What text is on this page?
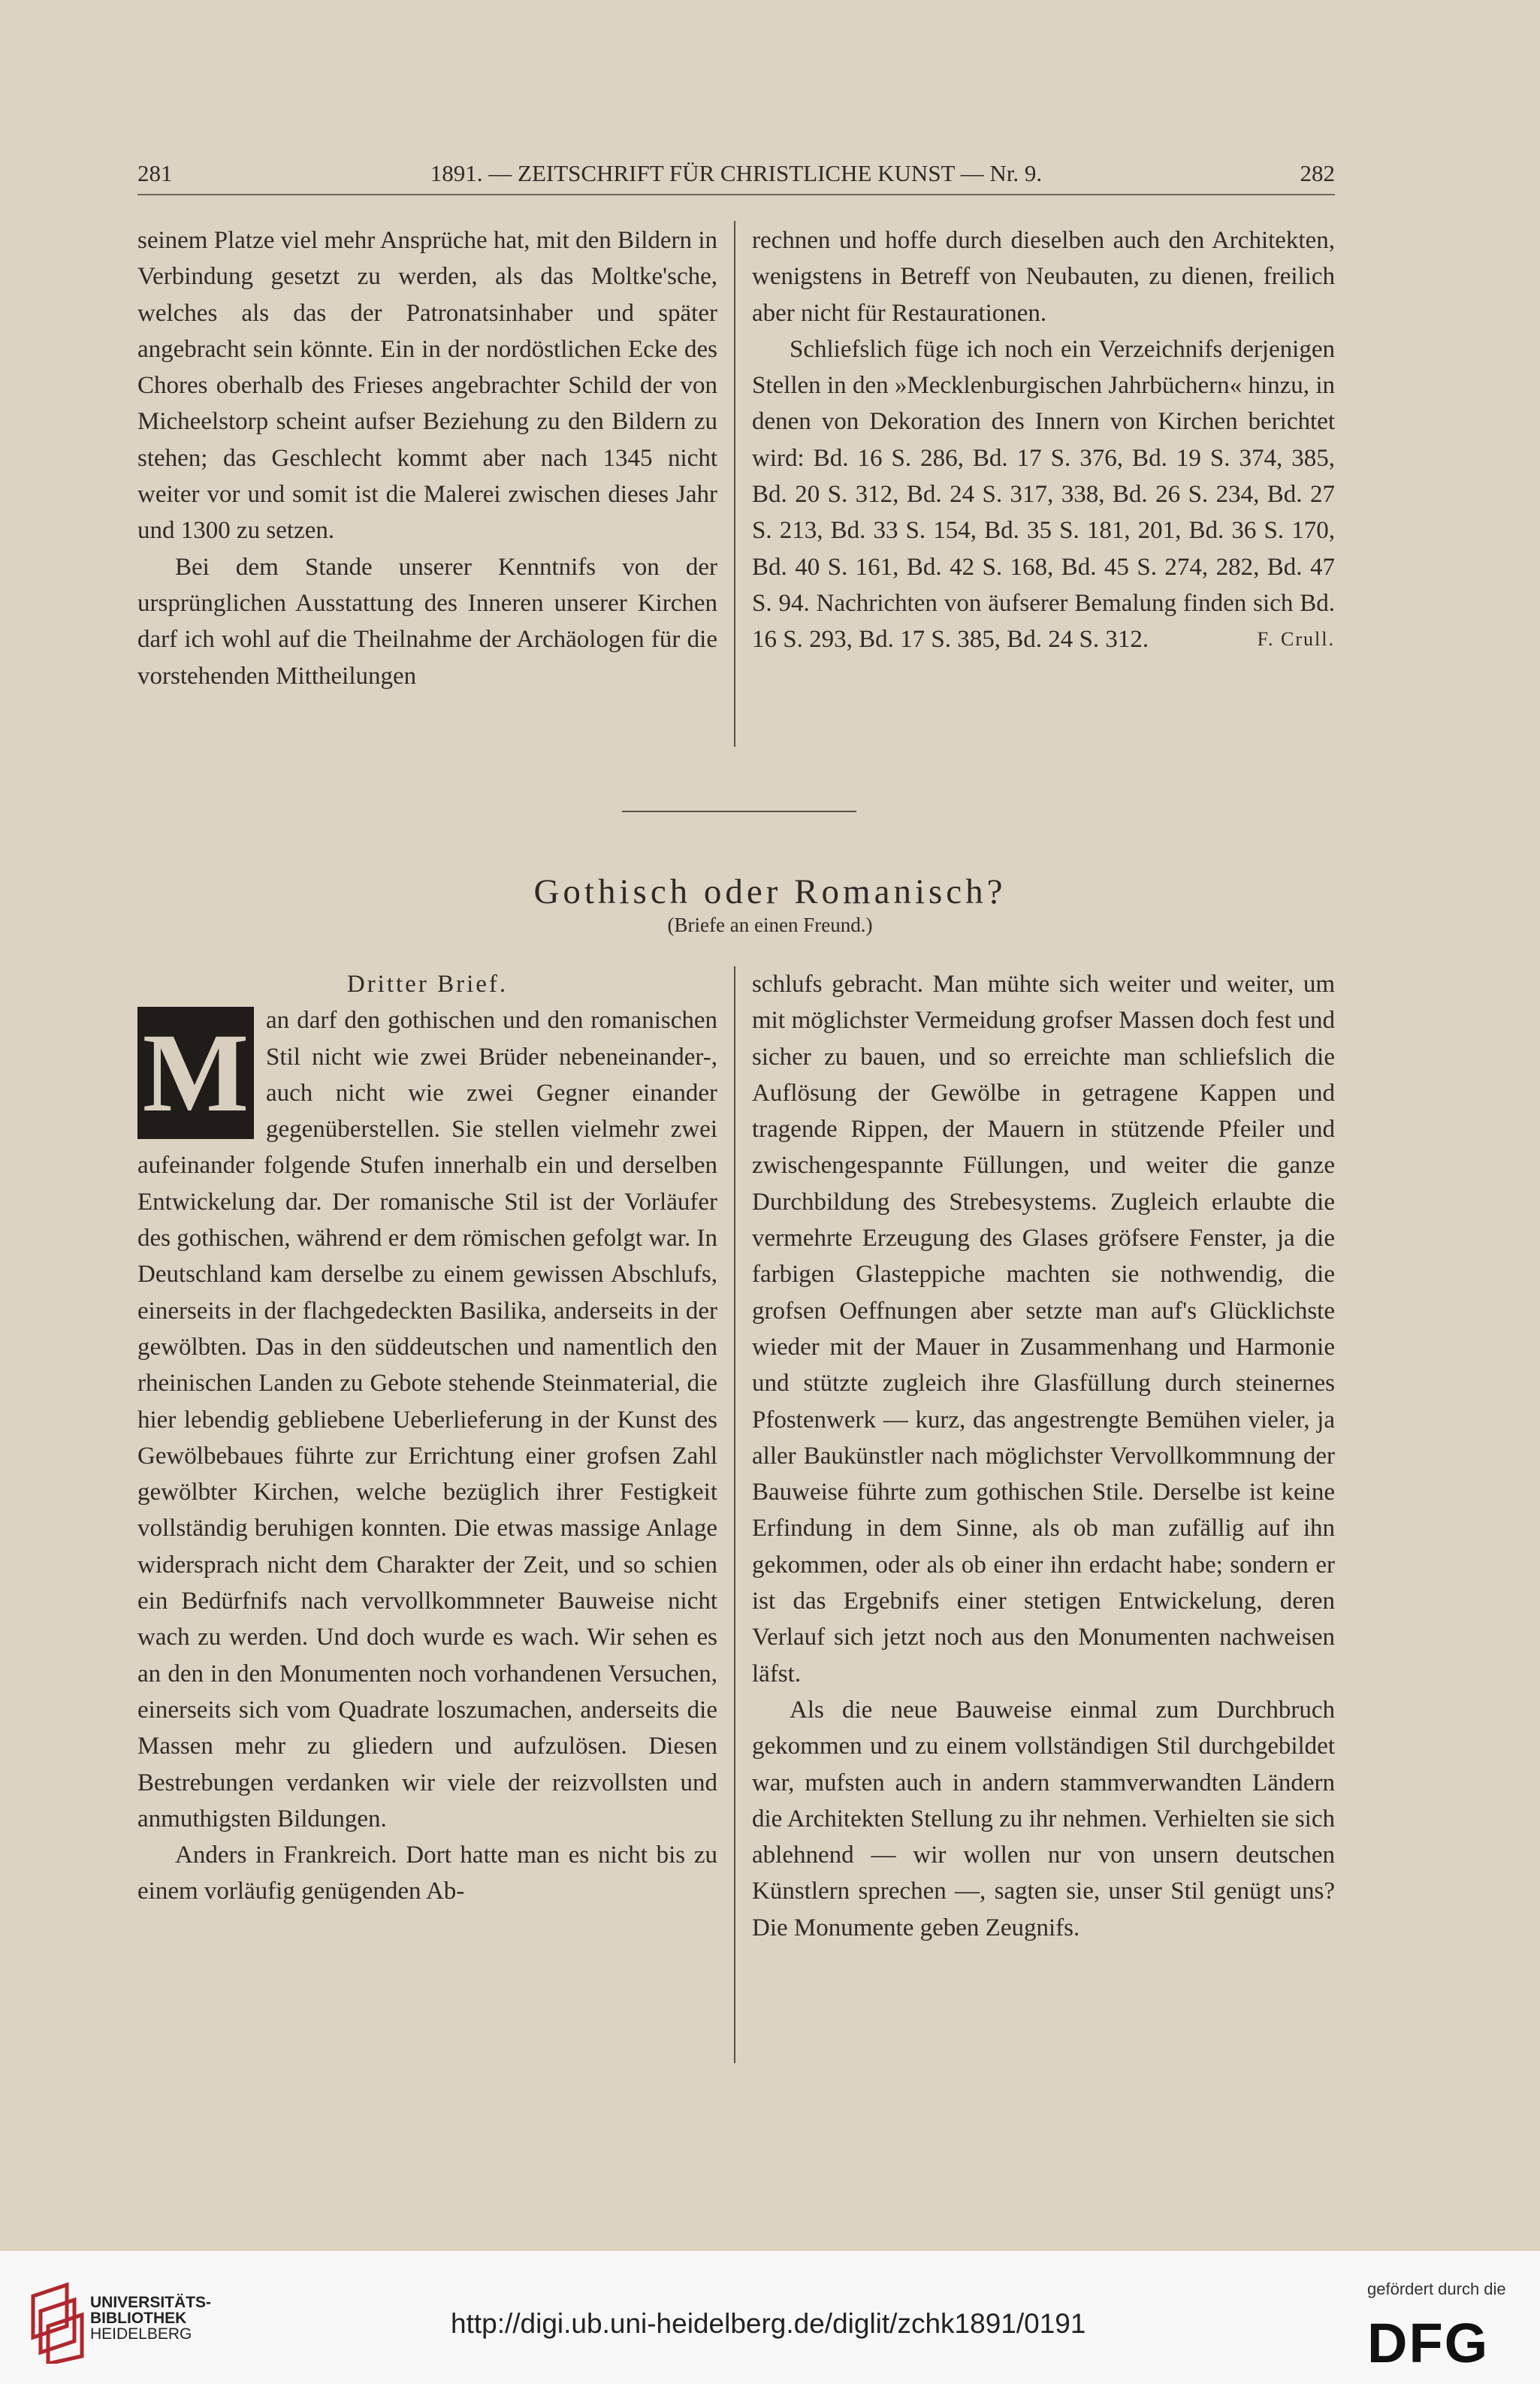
281	1891. — ZEITSCHRIFT FÜR CHRISTLICHE KUNST — Nr. 9.	282

seinem Platze viel mehr Ansprüche hat, mit den Bildern in Verbindung gesetzt zu werden, als das Moltke'sche, welches als das der Patronatsinhaber und später angebracht sein könnte. Ein in der nordöstlichen Ecke des Chores oberhalb des Frieses angebrachter Schild der von Micheelstorp scheint aufser Beziehung zu den Bildern zu stehen; das Geschlecht kommt aber nach 1345 nicht weiter vor und somit ist die Malerei zwischen dieses Jahr und 1300 zu setzen.

Bei dem Stande unserer Kenntnifs von der ursprünglichen Ausstattung des Inneren unserer Kirchen darf ich wohl auf die Theilnahme der Archäologen für die vorstehenden Mittheilungen

rechnen und hoffe durch dieselben auch den Architekten, wenigstens in Betreff von Neubauten, zu dienen, freilich aber nicht für Restaurationen.

Schliefslich füge ich noch ein Verzeichnifs derjenigen Stellen in den »Mecklenburgischen Jahrbüchern« hinzu, in denen von Dekoration des Innern von Kirchen berichtet wird: Bd. 16 S. 286, Bd. 17 S. 376, Bd. 19 S. 374, 385, Bd. 20 S. 312, Bd. 24 S. 317, 338, Bd. 26 S. 234, Bd. 27 S. 213, Bd. 33 S. 154, Bd. 35 S. 181, 201, Bd. 36 S. 170, Bd. 40 S. 161, Bd. 42 S. 168, Bd. 45 S. 274, 282, Bd. 47 S. 94. Nachrichten von äufserer Bemalung finden sich Bd. 16 S. 293, Bd. 17 S. 385, Bd. 24 S. 312.	F. Crull.

Gothisch oder Romanisch?
(Briefe an einen Freund.)

Dritter Brief.

M an darf den gothischen und den romanischen Stil nicht wie zwei Brüder nebeneinander-, auch nicht wie zwei Gegner einander gegenüberstellen. Sie stellen vielmehr zwei aufeinander folgende Stufen innerhalb ein und derselben Entwickelung dar. Der romanische Stil ist der Vorläufer des gothischen, während er dem römischen gefolgt war. In Deutschland kam derselbe zu einem gewissen Abschlufs, einerseits in der flachgedeckten Basilika, anderseits in der gewölbten. Das in den süddeutschen und namentlich den rheinischen Landen zu Gebote stehende Steinmaterial, die hier lebendig gebliebene Ueberlieferung in der Kunst des Gewölbebaues führte zur Errichtung einer grofsen Zahl gewölbter Kirchen, welche bezüglich ihrer Festigkeit vollständig beruhigen konnten. Die etwas massige Anlage widersprach nicht dem Charakter der Zeit, und so schien ein Bedürfnifs nach vervollkommneter Bauweise nicht wach zu werden. Und doch wurde es wach. Wir sehen es an den in den Monumenten noch vorhandenen Versuchen, einerseits sich vom Quadrate loszumachen, anderseits die Massen mehr zu gliedern und aufzulösen. Diesen Bestrebungen verdanken wir viele der reizvollsten und anmuthigsten Bildungen.

Anders in Frankreich. Dort hatte man es nicht bis zu einem vorläufig genügenden Ab-

schlufs gebracht. Man mühte sich weiter und weiter, um mit möglichster Vermeidung grofser Massen doch fest und sicher zu bauen, und so erreichte man schliefslich die Auflösung der Gewölbe in getragene Kappen und tragende Rippen, der Mauern in stützende Pfeiler und zwischengespannte Füllungen, und weiter die ganze Durchbildung des Strebesystems. Zugleich erlaubte die vermehrte Erzeugung des Glases gröfsere Fenster, ja die farbigen Glasteppiche machten sie nothwendig, die grofsen Oeffnungen aber setzte man auf's Glücklichste wieder mit der Mauer in Zusammenhang und Harmonie und stützte zugleich ihre Glasfüllung durch steinernes Pfostenwerk — kurz, das angestrengte Bemühen vieler, ja aller Baukünstler nach möglichster Vervollkommnung der Bauweise führte zum gothischen Stile. Derselbe ist keine Erfindung in dem Sinne, als ob man zufällig auf ihn gekommen, oder als ob einer ihn erdacht habe; sondern er ist das Ergebnifs einer stetigen Entwickelung, deren Verlauf sich jetzt noch aus den Monumenten nachweisen läfst.

Als die neue Bauweise einmal zum Durchbruch gekommen und zu einem vollständigen Stil durchgebildet war, mufsten auch in andern stammverwandten Ländern die Architekten Stellung zu ihr nehmen. Verhielten sie sich ablehnend — wir wollen nur von unsern deutschen Künstlern sprechen —, sagten sie, unser Stil genügt uns? Die Monumente geben Zeugnifs.

UNIVERSITÄTS-
BIBLIOTHEK
HEIDELBERG	http://digi.ub.uni-heidelberg.de/diglit/zchk1891/0191
gefördert durch die
DFG
